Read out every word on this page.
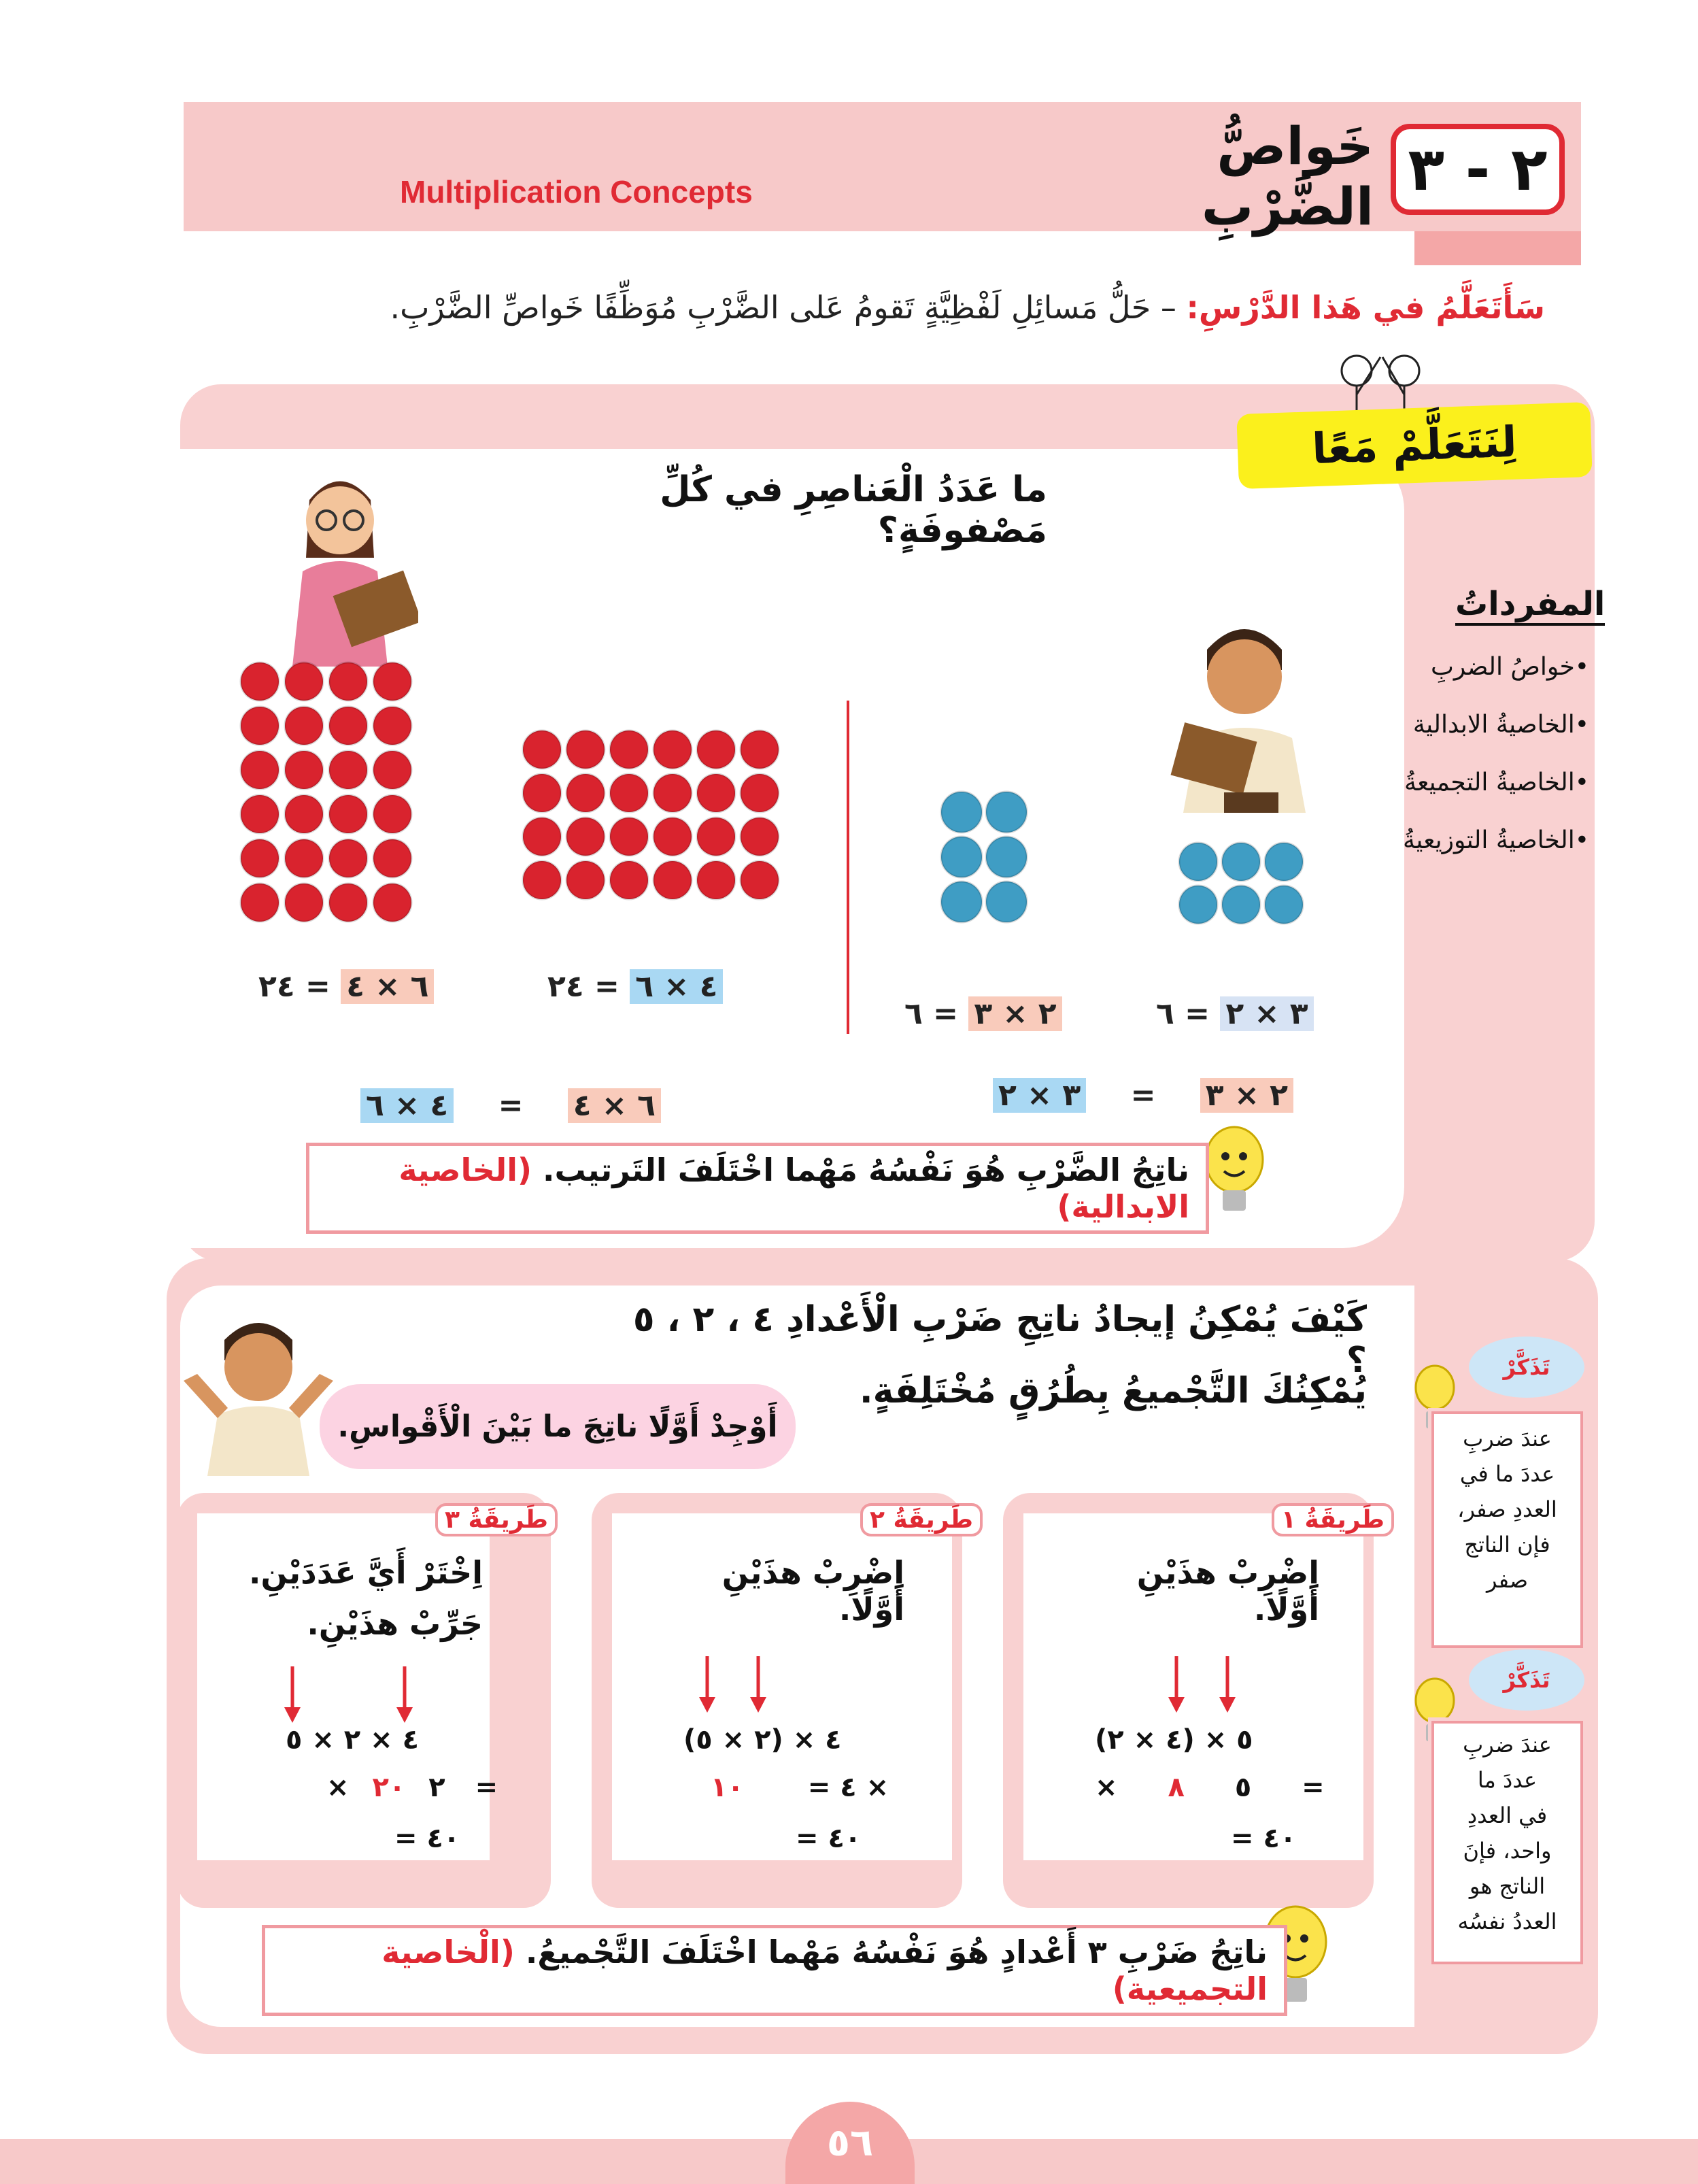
٢ - ٣
خَواصُّ الضَّرْبِ
Multiplication Concepts
سَأَتَعَلَّمُ في هَذا الدَّرْسِ: – حَلُّ مَسائِلِ لَفْظِيَّةٍ تَقومُ عَلى الضَّرْبِ مُوَظِّفًا خَواصِّ الضَّرْبِ.
لِنَتَعَلَّمْ مَعًا
ما عَدَدُ الْعَناصِرِ في كُلِّ مَصْفوفَةٍ؟
٦ × ٤ = ٢٤	٤ × ٦ = ٢٤
٢ × ٣ = ٦	٣ × ٢ = ٦
٦ × ٤ = ٤ × ٦	٢ × ٣ = ٣ × ٢
ناتِجُ الضَّرْبِ هُوَ نَفْسُهُ مَهْما اخْتَلَفَ التَرتيب. (الخاصية الابدالية)
المفرداتُ
•خواصُ الضربِ
•الخاصيةُ الابدالية
•الخاصيةُ التجميعةُ
•الخاصيةُ التوزيعيةُ
كَيْفَ يُمْكِنُ إيجادُ ناتِجِ ضَرْبِ الْأَعْدادِ ٤ ، ٢ ، ٥ ؟
يُمْكِنُكَ التَّجْميعُ بِطُرُقٍ مُخْتَلِفَةٍ.
أَوْجِدْ أَوَّلًا ناتِجَ ما بَيْنَ الْأَقْواسِ.
طَريقَةُ ١
اِضْرِبْ هذَيْنِ أَوَّلًا.
(٤ × ٢) × ٥
× ٥ ٨	=
= ٤٠
طَريقَةُ ٢
اِضْرِبْ هذَيْنِ أَوَّلًا.
٤ × (٢ × ٥)
١٠ = ٤ ×
= ٤٠
طَريقَةُ ٣
اِخْتَرْ أَيَّ عَدَدَيْنِ.
جَرِّبْ هذَيْنِ.
٤ × ٢ × ٥
× ٢ ٢٠	=
= ٤٠
ناتِجُ ضَرْبِ ٣ أَعْدادٍ هُوَ نَفْسُهُ مَهْما اخْتَلَفَ التَّجْميعُ. (الْخاصية التجميعية)
تَذَكَّرْ
عندَ ضربِ
عددَ ما في
العددِ صفر،
فإن الناتج
صفر
تَذَكَّرْ
عندَ ضربِ
عددَ ما
في العددِ
واحد، فإنَ
الناتج هو
العددُ نفسُه
٥٦
